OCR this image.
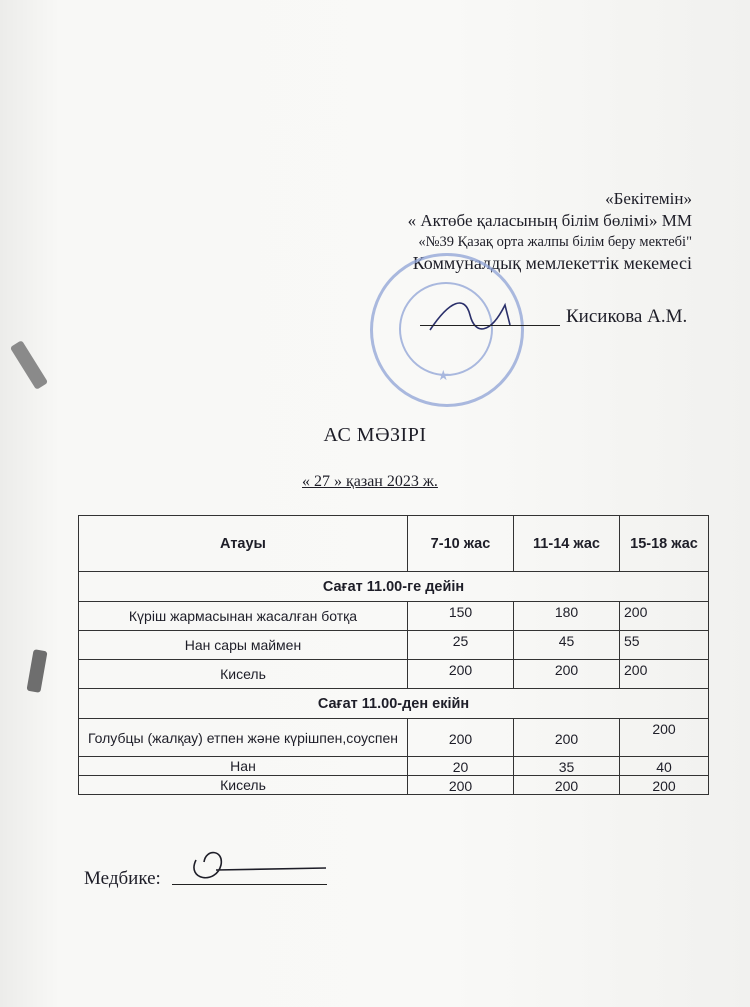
«Бекітемін»
« Актөбе қаласының білім бөлімі» ММ
«№39 Қазақ орта жалпы білім беру мектебі"
Коммуналдық мемлекеттік мекемесі
★
Кисикова А.М.
АС МӘЗІРІ
« 27 » қазан 2023 ж.
Атауы	7-10 жас	11-14 жас	15-18 жас
Сағат 11.00-ге дейін			
Күріш жармасынан жасалған ботқа	150	180	200
Нан сары маймен	25	45	55
Кисель	200	200	200
Сағат 11.00-ден екійн			
Голубцы (жалқау) етпен және күрішпен,соуспен	200	200	200
Нан	20	35	40
Кисель	200	200	200
Медбике:
